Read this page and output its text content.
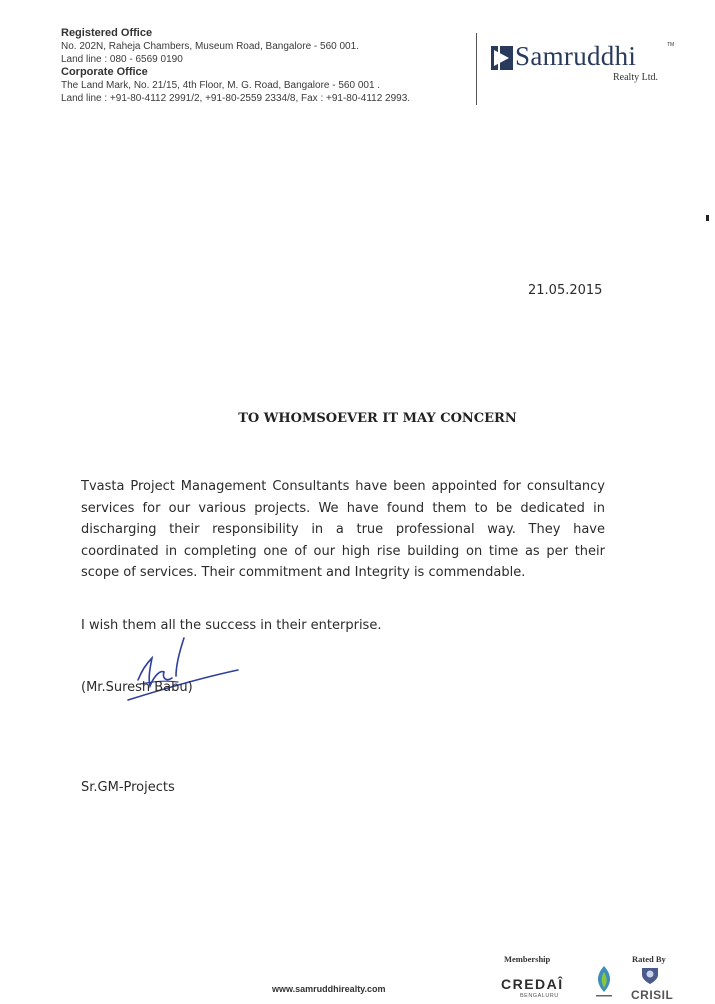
Registered Office
No. 202N, Raheja Chambers, Museum Road, Bangalore - 560 001.
Land line : 080 - 6569 0190
Corporate Office
The Land Mark, No. 21/15, 4th Floor, M. G. Road, Bangalore - 560 001 .
Land line : +91-80-4112 2991/2, +91-80-2559 2334/8, Fax : +91-80-4112 2993.
Samruddhi	TM
Realty Ltd.
21.05.2015
TO WHOMSOEVER IT MAY CONCERN
Tvasta Project Management Consultants have been appointed for consultancy services for our various projects. We have found them to be dedicated in discharging their responsibility in a true professional way. They have coordinated in completing one of our high rise building on time as per their scope of services. Their commitment and Integrity is commendable.
I wish them all the success in their enterprise.
(Mr.Suresh Babu)
Sr.GM-Projects
www.samruddhirealty.com
Membership
CREDAÎ
BENGALURU
Rated By
CRISIL
